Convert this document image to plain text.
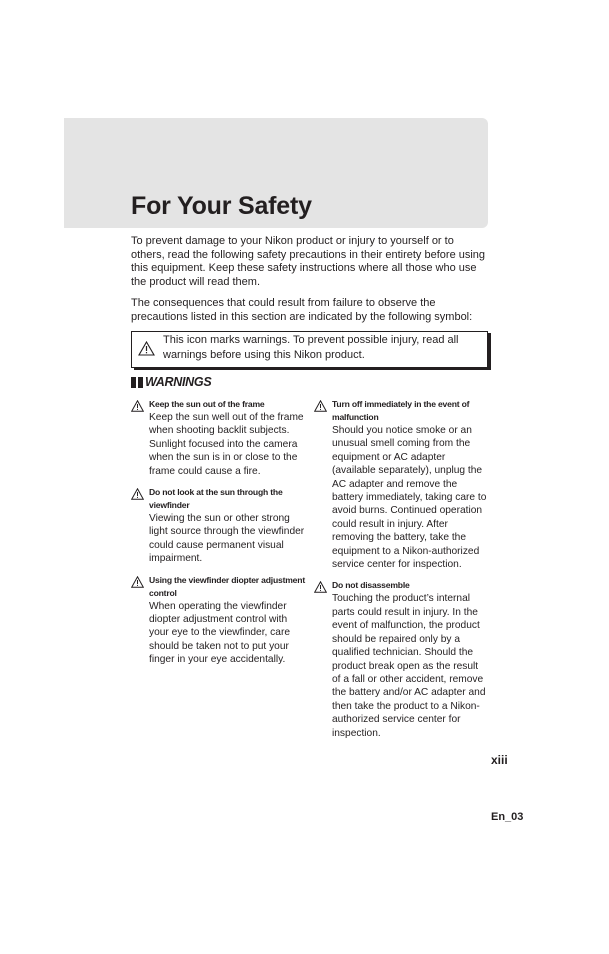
For Your Safety

To prevent damage to your Nikon product or injury to yourself or to others, read the following safety precautions in their entirety before using this equipment. Keep these safety instructions where all those who use the product will read them.

The consequences that could result from failure to observe the precautions listed in this section are indicated by the following symbol:

This icon marks warnings. To prevent possible injury, read all warnings before using this Nikon product.

WARNINGS

Keep the sun out of the frame

Keep the sun well out of the frame when shooting backlit subjects. Sunlight focused into the camera when the sun is in or close to the frame could cause a fire.

Do not look at the sun through the viewfinder

Viewing the sun or other strong light source through the viewfinder could cause permanent visual impairment.

Using the viewfinder diopter adjustment control

When operating the viewfinder diopter adjustment control with your eye to the viewfinder, care should be taken not to put your finger in your eye accidentally.

Turn off immediately in the event of malfunction

Should you notice smoke or an unusual smell coming from the equipment or AC adapter (available separately), unplug the AC adapter and remove the battery immediately, taking care to avoid burns. Continued operation could result in injury. After removing the battery, take the equipment to a Nikon-authorized service center for inspection.

Do not disassemble

Touching the product’s internal parts could result in injury. In the event of malfunction, the product should be repaired only by a qualified technician. Should the product break open as the result of a fall or other accident, remove the battery and/or AC adapter and then take the product to a Nikon-authorized service center for inspection.

xiii
En_03
